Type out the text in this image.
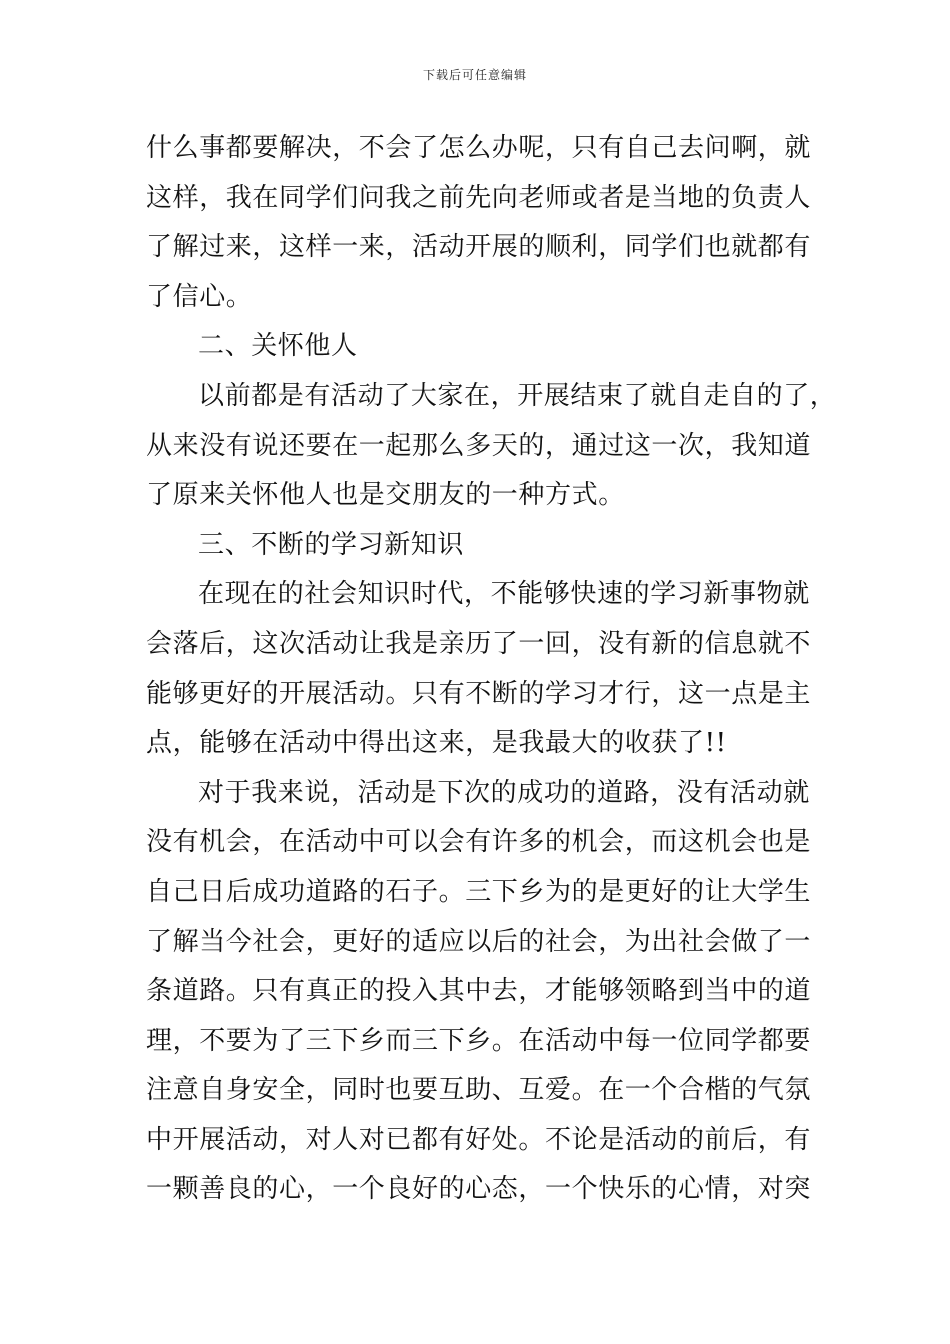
下载后可任意编辑
什么事都要解决，不会了怎么办呢，只有自己去问啊，就
这样，我在同学们问我之前先向老师或者是当地的负责人
了解过来，这样一来，活动开展的顺利，同学们也就都有
了信心。
二、关怀他人
以前都是有活动了大家在，开展结束了就自走自的了，
从来没有说还要在一起那么多天的，通过这一次，我知道
了原来关怀他人也是交朋友的一种方式。
三、不断的学习新知识
在现在的社会知识时代，不能够快速的学习新事物就
会落后，这次活动让我是亲历了一回，没有新的信息就不
能够更好的开展活动。只有不断的学习才行，这一点是主
点，能够在活动中得出这来，是我最大的收获了!!
对于我来说，活动是下次的成功的道路，没有活动就
没有机会，在活动中可以会有许多的机会，而这机会也是
自己日后成功道路的石子。三下乡为的是更好的让大学生
了解当今社会，更好的适应以后的社会，为出社会做了一
条道路。只有真正的投入其中去，才能够领略到当中的道
理，不要为了三下乡而三下乡。在活动中每一位同学都要
注意自身安全，同时也要互助、互爱。在一个合楷的气氛
中开展活动，对人对已都有好处。不论是活动的前后，有
一颗善良的心，一个良好的心态，一个快乐的心情，对突
